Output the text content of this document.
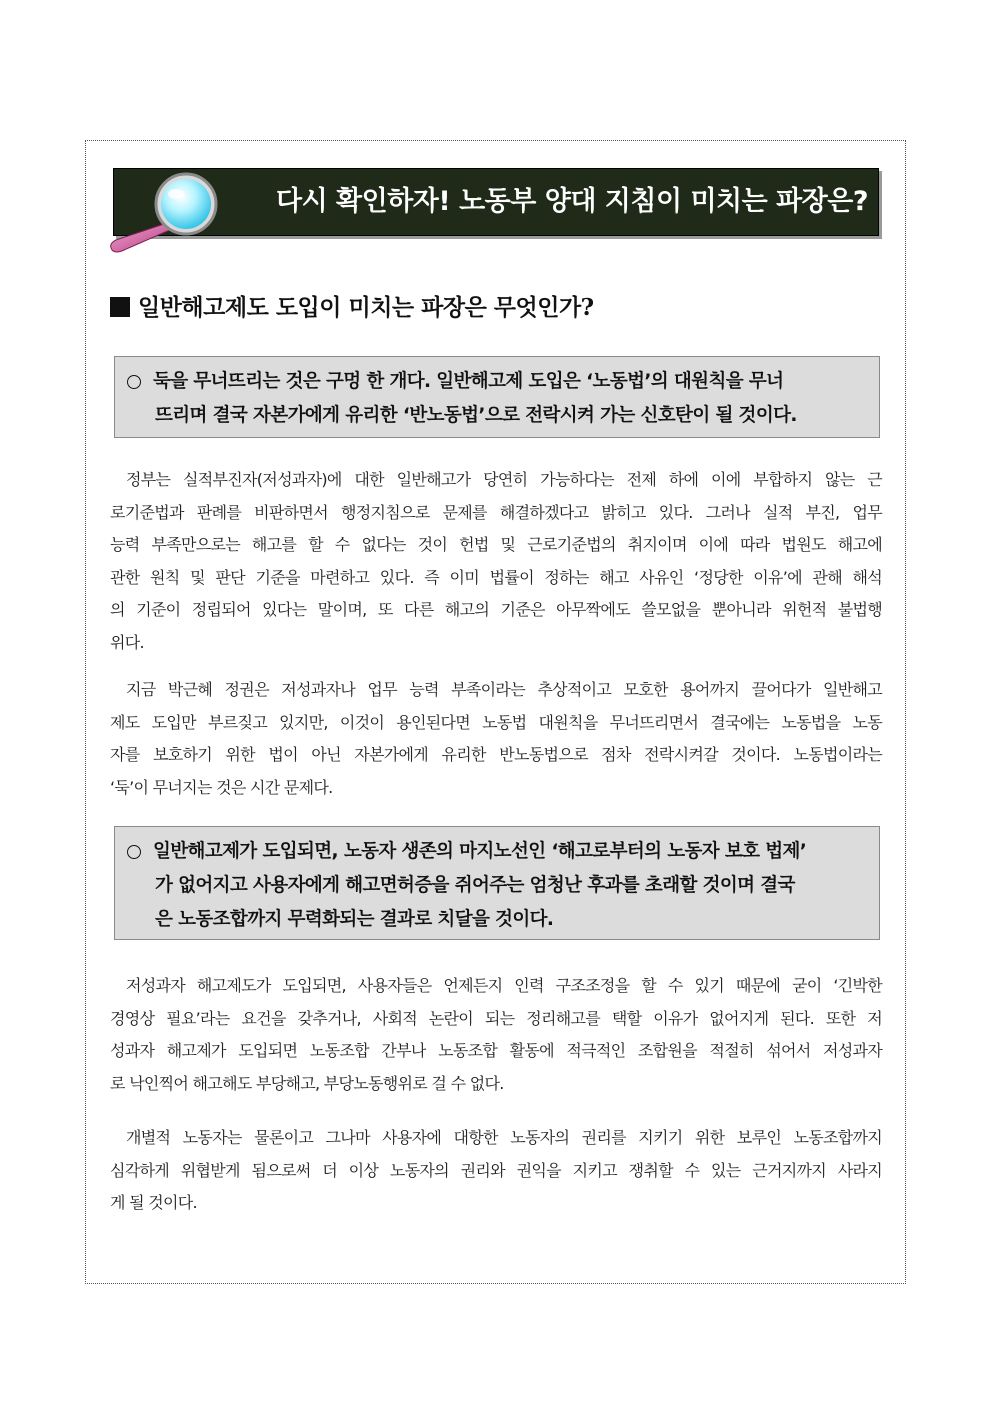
다시 확인하자! 노동부 양대 지침이 미치는 파장은?
일반해고제도 도입이 미치는 파장은 무엇인가?
둑을 무너뜨리는 것은 구멍 한 개다. 일반해고제 도입은 ‘노동법’의 대원칙을 무너
뜨리며 결국 자본가에게 유리한 ‘반노동법’으로 전락시켜 가는 신호탄이 될 것이다.
정부는 실적부진자(저성과자)에 대한 일반해고가 당연히 가능하다는 전제 하에 이에 부합하지 않는 근
로기준법과 판례를 비판하면서 행정지침으로 문제를 해결하겠다고 밝히고 있다. 그러나 실적 부진, 업무
능력 부족만으로는 해고를 할 수 없다는 것이 헌법 및 근로기준법의 취지이며 이에 따라 법원도 해고에
관한 원칙 및 판단 기준을 마련하고 있다. 즉 이미 법률이 정하는 해고 사유인 ‘정당한 이유’에 관해 해석
의 기준이 정립되어 있다는 말이며, 또 다른 해고의 기준은 아무짝에도 쓸모없을 뿐아니라 위헌적 불법행
위다.
지금 박근혜 정권은 저성과자나 업무 능력 부족이라는 추상적이고 모호한 용어까지 끌어다가 일반해고
제도 도입만 부르짖고 있지만, 이것이 용인된다면 노동법 대원칙을 무너뜨리면서 결국에는 노동법을 노동
자를 보호하기 위한 법이 아닌 자본가에게 유리한 반노동법으로 점차 전락시켜갈 것이다. 노동법이라는
‘둑’이 무너지는 것은 시간 문제다.
일반해고제가 도입되면, 노동자 생존의 마지노선인 ‘해고로부터의 노동자 보호 법제’
가 없어지고 사용자에게 해고면허증을 쥐어주는 엄청난 후과를 초래할 것이며 결국
은 노동조합까지 무력화되는 결과로 치달을 것이다.
저성과자 해고제도가 도입되면, 사용자들은 언제든지 인력 구조조정을 할 수 있기 때문에 굳이 ‘긴박한
경영상 필요’라는 요건을 갖추거나, 사회적 논란이 되는 정리해고를 택할 이유가 없어지게 된다. 또한 저
성과자 해고제가 도입되면 노동조합 간부나 노동조합 활동에 적극적인 조합원을 적절히 섞어서 저성과자
로 낙인찍어 해고해도 부당해고, 부당노동행위로 걸 수 없다.
개별적 노동자는 물론이고 그나마 사용자에 대항한 노동자의 권리를 지키기 위한 보루인 노동조합까지
심각하게 위협받게 됨으로써 더 이상 노동자의 권리와 권익을 지키고 쟁취할 수 있는 근거지까지 사라지
게 될 것이다.
